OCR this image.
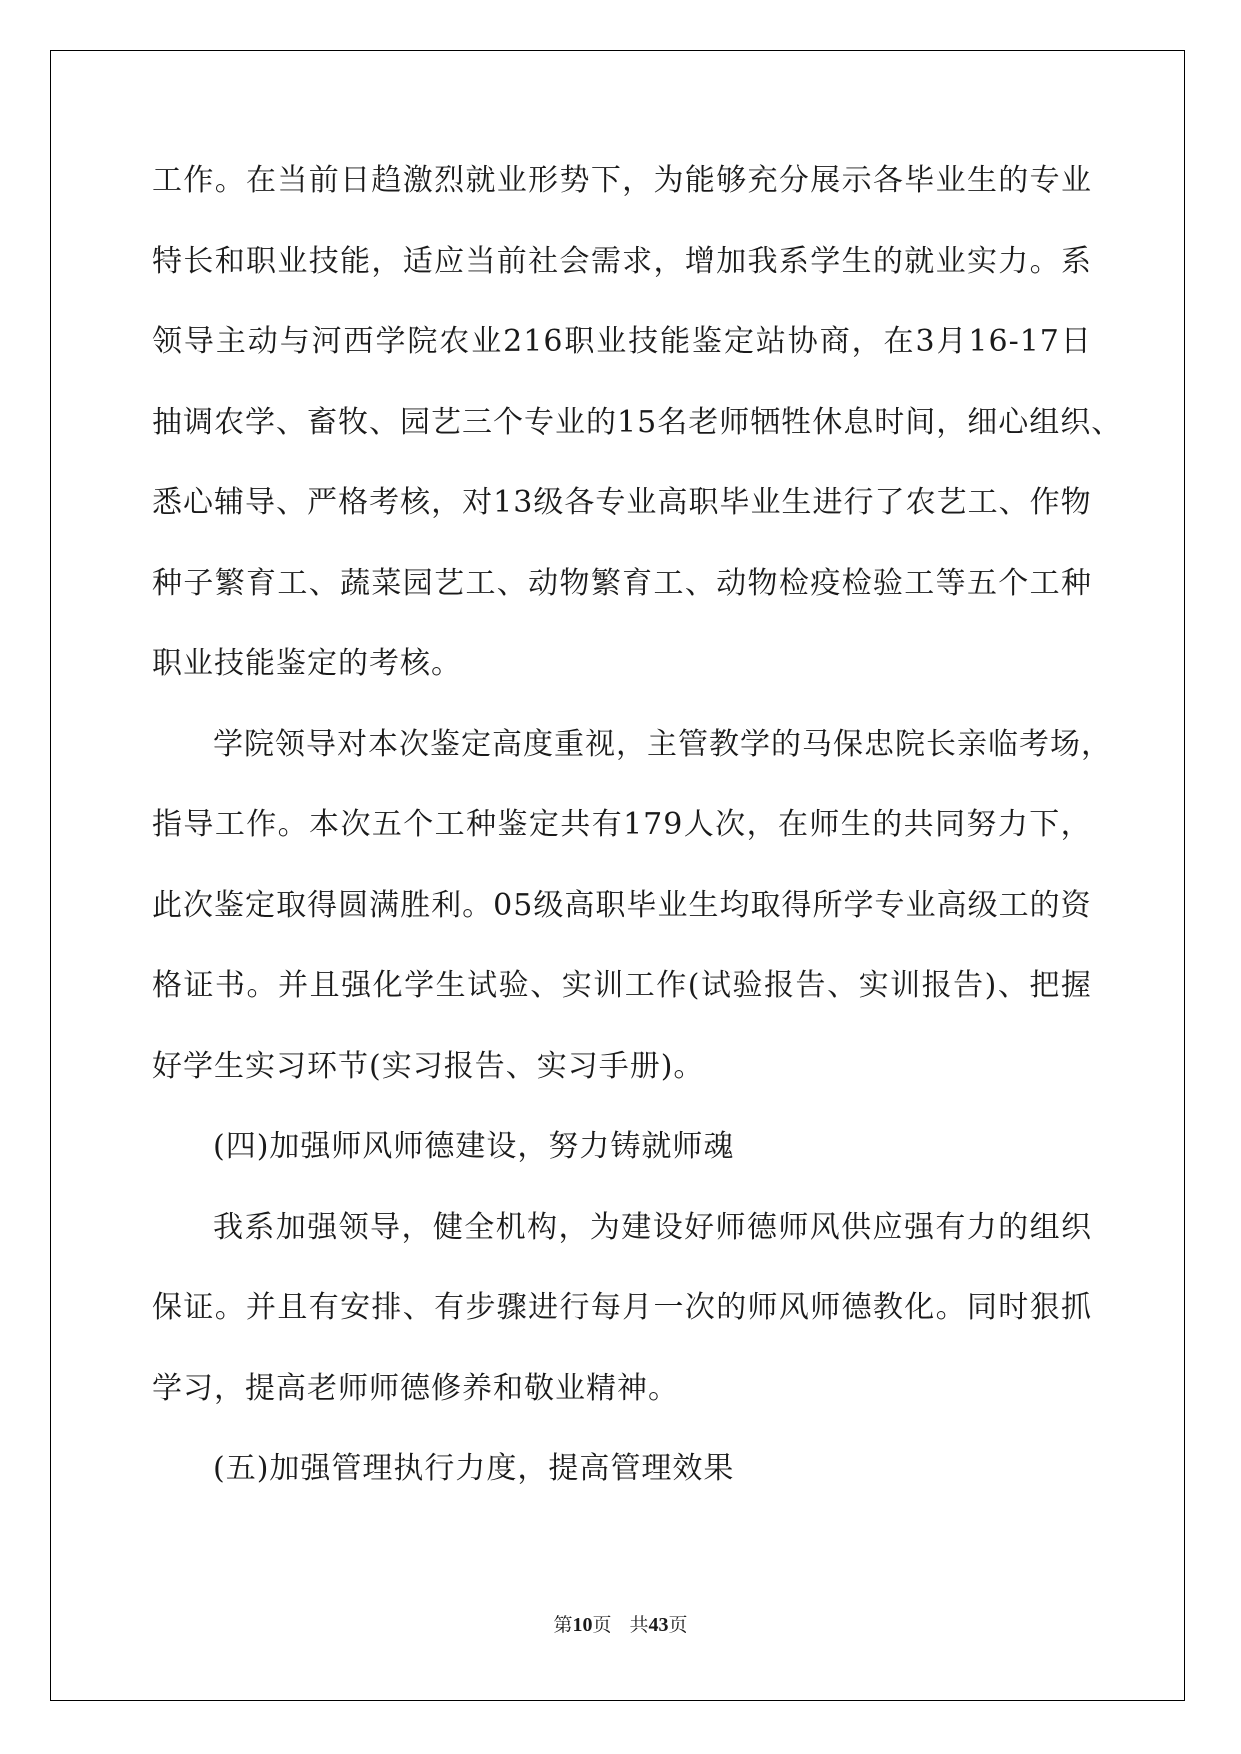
工 作 。 在 当 前 日 趋 激 烈 就 业 形 势 下 ， 为 能 够 充 分 展 示 各 毕 业 生 的 专 业
特 长 和 职 业 技 能 ， 适 应 当 前 社 会 需 求 ， 增 加 我 系 学 生 的 就 业 实 力 。 系
领 导 主 动 与 河 西 学 院 农 业 216 职 业 技 能 鉴 定 站 协 商 ， 在 3 月 16-17 日
抽 调 农 学 、 畜 牧 、 园 艺 三 个 专 业 的 15 名 老 师 牺 牲 休 息 时 间 ， 细 心 组 织 、
悉 心 辅 导 、 严 格 考 核 ， 对 13 级 各 专 业 高 职 毕 业 生 进 行 了 农 艺 工 、 作 物
种 子 繁 育 工 、 蔬 菜 园 艺 工 、 动 物 繁 育 工 、 动 物 检 疫 检 验 工 等 五 个 工 种
职业技能鉴定的考核。
学 院 领 导 对 本 次 鉴 定 高 度 重 视 ， 主 管 教 学 的 马 保 忠 院 长 亲 临 考 场 ，
指 导 工 作 。 本 次 五 个 工 种 鉴 定 共 有 179 人 次 ， 在 师 生 的 共 同 努 力 下 ，
此 次 鉴 定 取 得 圆 满 胜 利 。 05 级 高 职 毕 业 生 均 取 得 所 学 专 业 高 级 工 的 资
格 证 书 。 并 且 强 化 学 生 试 验 、 实 训 工 作 ( 试 验 报 告 、 实 训 报 告 ) 、 把 握
好学生实习环节(实习报告、实习手册)。
(四)加强师风师德建设，努力铸就师魂
我 系 加 强 领 导 ， 健 全 机 构 ， 为 建 设 好 师 德 师 风 供 应 强 有 力 的 组 织
保 证 。 并 且 有 安 排 、 有 步 骤 进 行 每 月 一 次 的 师 风 师 德 教 化 。 同 时 狠 抓
学习，提高老师师德修养和敬业精神。
(五)加强管理执行力度，提高管理效果
第10页 共43页
